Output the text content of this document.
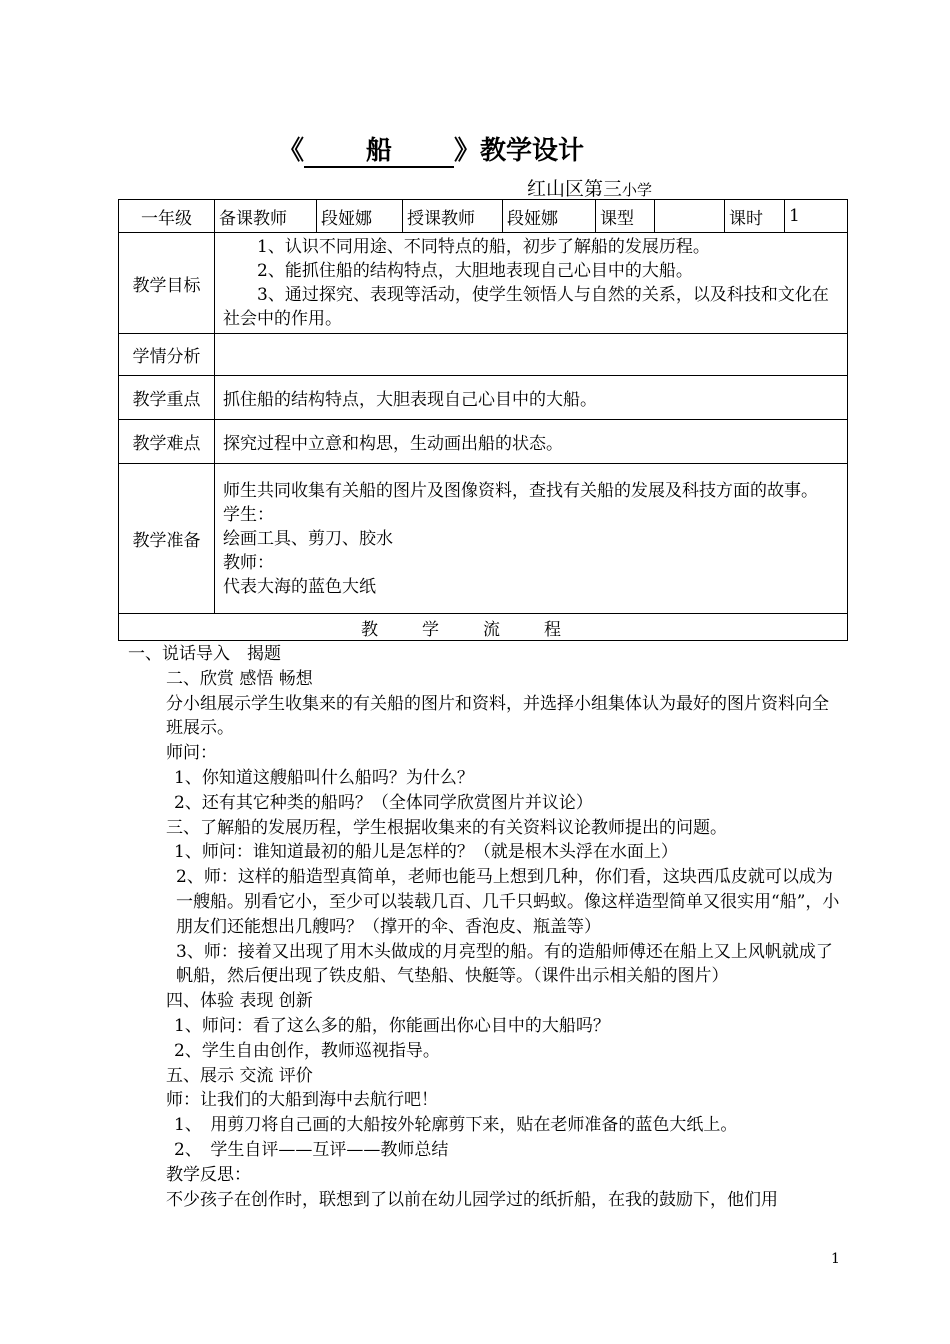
《 船 》教学设计
红山区第三小学
一年级	备课教师	段娅娜	授课教师	段娅娜	课型		课时	1
教学目标	1、认识不同用途、不同特点的船，初步了解船的发展历程。
2、能抓住船的结构特点，大胆地表现自己心目中的大船。
3、通过探究、表现等活动，使学生领悟人与自然的关系，以及科技和文化在社会中的作用。							

学情分析								
教学重点	抓住船的结构特点，大胆表现自己心目中的大船。							
教学难点	探究过程中立意和构思，生动画出船的状态。							
教学准备	师生共同收集有关船的图片及图像资料，查找有关船的发展及科技方面的故事。
学生：
绘画工具、剪刀、胶水
教师：
代表大海的蓝色大纸							

教学流程								

一、说话导入　揭题

二、欣赏 感悟 畅想

分小组展示学生收集来的有关船的图片和资料，并选择小组集体认为最好的图片资料向全班展示。

师问：

1、你知道这艘船叫什么船吗？为什么？

2、还有其它种类的船吗？（全体同学欣赏图片并议论）

三、了解船的发展历程，学生根据收集来的有关资料议论教师提出的问题。

1、师问：谁知道最初的船儿是怎样的？（就是根木头浮在水面上）

2、师：这样的船造型真简单，老师也能马上想到几种，你们看，这块西瓜皮就可以成为一艘船。别看它小，至少可以装载几百、几千只蚂蚁。像这样造型简单又很实用“船”，小朋友们还能想出几艘吗？（撑开的伞、香泡皮、瓶盖等）

3、师：接着又出现了用木头做成的月亮型的船。有的造船师傅还在船上又上风帆就成了帆船，然后便出现了铁皮船、气垫船、快艇等。（课件出示相关船的图片）

四、体验 表现 创新

1、师问：看了这么多的船，你能画出你心目中的大船吗？

2、学生自由创作，教师巡视指导。

五、展示 交流 评价

师：让我们的大船到海中去航行吧！

1、　用剪刀将自己画的大船按外轮廓剪下来，贴在老师准备的蓝色大纸上。

2、　学生自评——互评——教师总结

教学反思：

不少孩子在创作时，联想到了以前在幼儿园学过的纸折船，在我的鼓励下，他们用

1
